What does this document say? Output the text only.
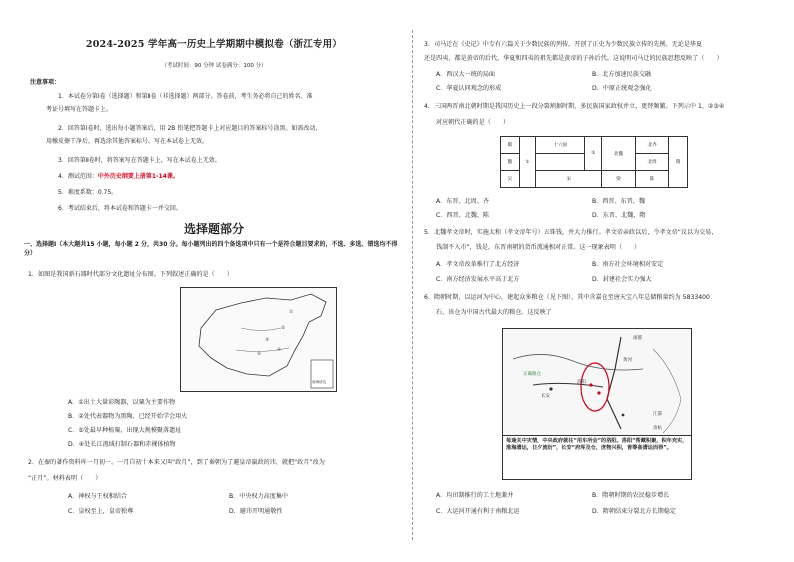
2024-2025 学年高一历史上学期期中模拟卷（浙江专用）
（考试时间：90 分钟 试卷满分：100 分）
注意事项：
1．本试卷分第Ⅰ卷（选择题）和第Ⅱ卷（非选择题）两部分。答卷前，考生务必将自己的姓名、准
考证号填写在答题卡上。
2．回答第Ⅰ卷时，选出每小题答案后，用 2B 铅笔把答题卡上对应题目的答案标号涂黑。如需改动，
用橡皮擦干净后，再选涂其他答案标号。写在本试卷上无效。
3．回答第Ⅱ卷时，将答案写在答题卡上，写在本试卷上无效。
4．测试范围：中外历史纲要上册第1-14课。
5．难度系数：0.75。
6．考试结束后，将本试卷和答题卡一并交回。
选择题部分
一、选择题Ⅰ（本大题共15 小题，每小题 2 分，共30 分。每小题列出的四个备选项中只有一个是符合题目要求的，不选、多选、错选均不得分）
1．如图是我国新石器时代部分文化遗址分布图。下列叙述正确的是（　　）
①
②
③
④
⑤
南海诸岛
A．①出土大量彩陶器，以粟为主要作物
B．②处代表器物为黑陶，已经开始学会用火
C．⑤处最早种植粟，出现大规模聚落遗址
D．④处长江流域打制石器和赤裸体植物
2．在秦的著作资料库一月初一。一月自初十本来又叫“政月”，到了秦朝为了避皇帝嬴政的讳，就把“政月”改为
“正月”。材料表明（　　）
A．神权与王权相结合	B．中央权力高度集中
C．皇权至上，皇帝独尊	D．避讳开明通敬性
3．司马迁在《史记》中专有六篇关于少数民族的列传，开创了正史为少数民族立传的先例。无论是华夏
还是四夷，都是黄帝的后代，华夏和四夷的祖先都是黄帝的子孙后代。这说明司马迁的民族思想反映了（　　）
A．西汉大一统的局面	B．北方加速民族交融
C．华夏认同观念的形成	D．中原正统观念强化
4．三国两晋南北朝时期是我国历史上一段分裂割据时期，多民族国家政权并立，更替频繁。下列示中 1，②③④
对应朝代正确的是（　　）
蜀	①	十六国	②	北魏	北齐	隋
魏					北周	
吴		宋		梁	陈	
A．东晋、北周、齐	B．西晋、东晋、魏
C．西晋、北魏、陈	D．东晋、北魏、隋
5．北魏孝文帝时，实施太和（孝文帝年号）五铢钱，并大力推行。孝文帝亲政以后，令孝文帝“议以为交易，
钱制不入市”，钱是，东晋南朝的货币流通相对正常。这一现象表明（　　）
A．孝文帝改革推行了北方经济	B．南方社会环境相对安定
C．南方经济发展水平高于北方	D．封建社会实力强大
6．隋朝时期，以运河为中心，建起众多粮仓（见下图），其中含嘉仓至唐天宝八年总储粮量约为 5833400
石，该仓为中国古代最大的粮仓。这反映了
涿郡
黄河
正确粮仓
洛阳
江都
余杭
长安
每逢关中灾情，中央政府就往“用车所会”的洛阳。洛阳“帮藏积聚，积年充实，淮海漕运，日夕流衍”，长安“府库及仓，庶物兴积，皆筹备漕运而得”。
A．均田制推行的工土地兼并	B．隋朝时期的农民稳步增长
C．大运河开通有利于南粮北运	D．隋朝结束分裂北方长期稳定
